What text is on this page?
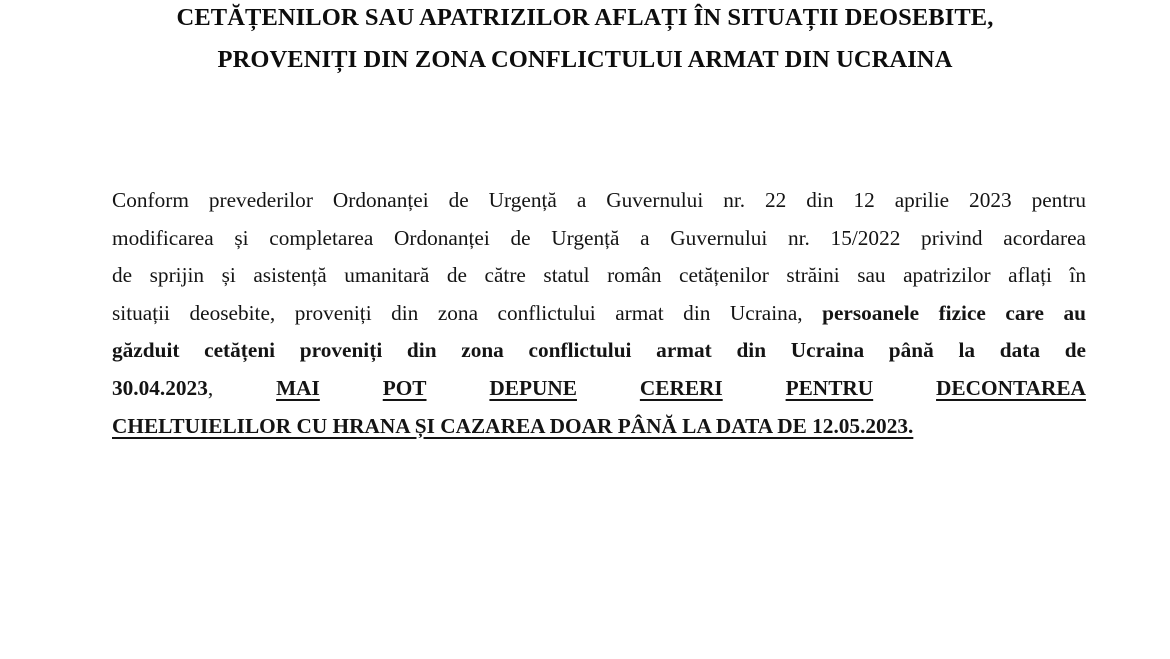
CETĂȚENILOR SAU APATRIZILOR AFLAȚI ÎN SITUAȚII DEOSEBITE,
PROVENIȚI DIN ZONA CONFLICTULUI ARMAT DIN UCRAINA
Conform prevederilor Ordonanței de Urgență a Guvernului nr. 22 din 12 aprilie 2023 pentru
modificarea și completarea Ordonanței de Urgență a Guvernului nr. 15/2022 privind acordarea
de sprijin și asistență umanitară de către statul român cetățenilor străini sau apatrizilor aflați în
situații deosebite, proveniți din zona conflictului armat din Ucraina, persoanele fizice care au
găzduit cetățeni proveniți din zona conflictului armat din Ucraina până la data de
30.04.2023,	MAI	POT	DEPUNE	CERERI	PENTRU	DECONTAREA
CHELTUIELILOR CU HRANA ȘI CAZAREA DOAR PÂNĂ LA DATA DE 12.05.2023.
